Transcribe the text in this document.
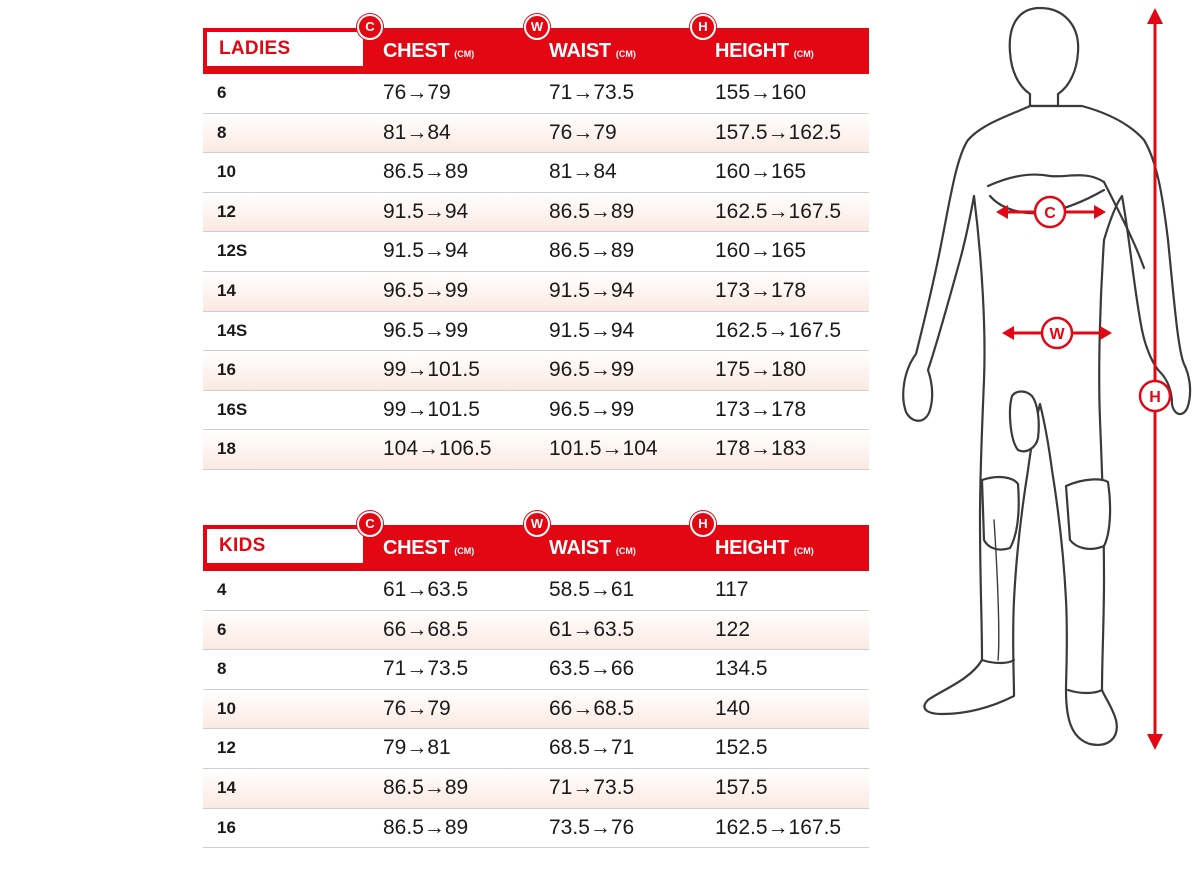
LADIES	CHEST (CM)	WAIST (CM)	HEIGHT (CM)
C	W	H
6	76→79	71→73.5	155→160
8	81→84	76→79	157.5→162.5
10	86.5→89	81→84	160→165
12	91.5→94	86.5→89	162.5→167.5
12S	91.5→94	86.5→89	160→165
14	96.5→99	91.5→94	173→178
14S	96.5→99	91.5→94	162.5→167.5
16	99→101.5	96.5→99	175→180
16S	99→101.5	96.5→99	173→178
18	104→106.5	101.5→104	178→183
KIDS	CHEST (CM)	WAIST (CM)	HEIGHT (CM)
C	W	H
4	61→63.5	58.5→61	117
6	66→68.5	61→63.5	122
8	71→73.5	63.5→66	134.5
10	76→79	66→68.5	140
12	79→81	68.5→71	152.5
14	86.5→89	71→73.5	157.5
16	86.5→89	73.5→76	162.5→167.5
C
W
H
